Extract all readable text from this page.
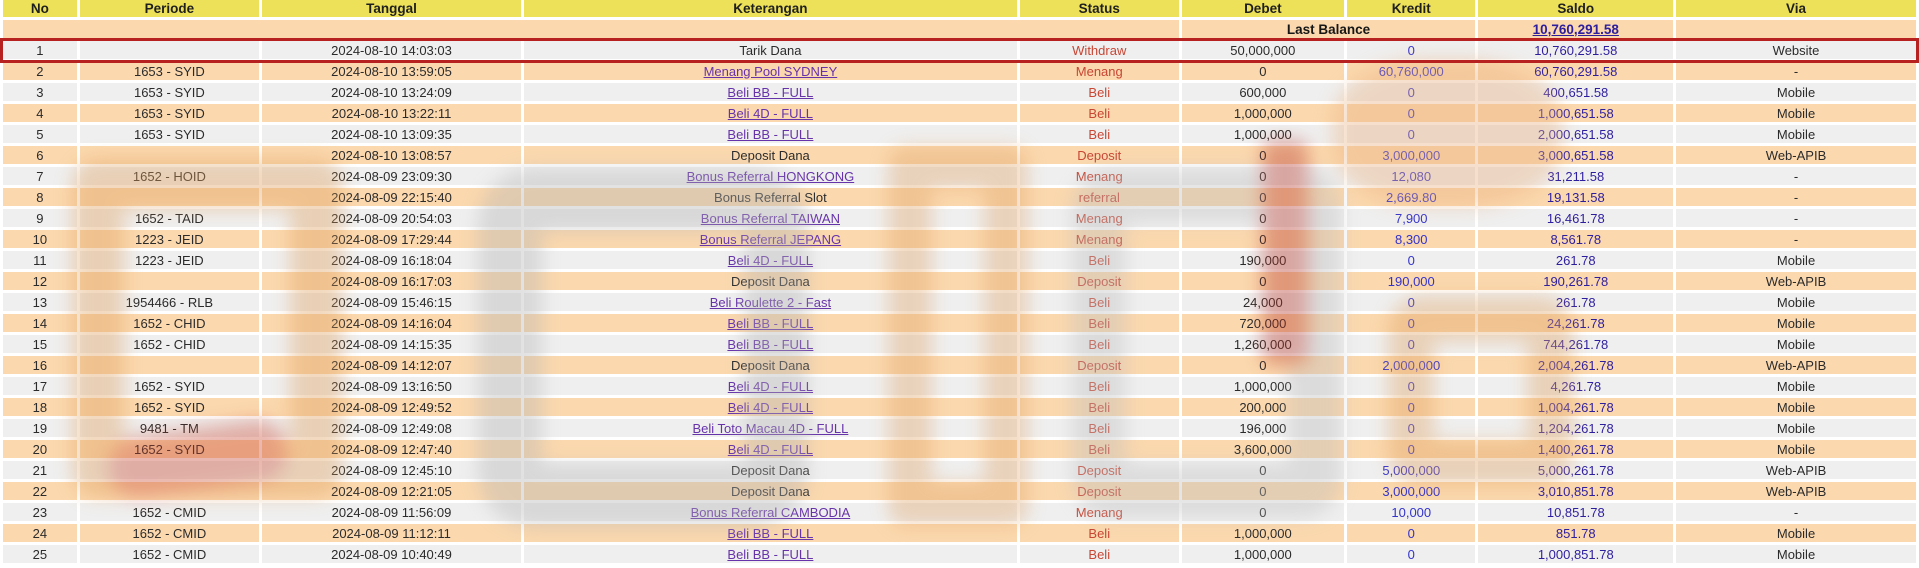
No	Periode	Tanggal	Keterangan	Status	Debet	Kredit	Saldo	Via
					Last Balance		10,760,291.58	
1		2024-08-10 14:03:03	Tarik Dana	Withdraw	50,000,000	0	10,760,291.58	Website
2	1653 - SYID	2024-08-10 13:59:05	Menang Pool SYDNEY	Menang	0	60,760,000	60,760,291.58	-
3	1653 - SYID	2024-08-10 13:24:09	Beli BB - FULL	Beli	600,000	0	400,651.58	Mobile
4	1653 - SYID	2024-08-10 13:22:11	Beli 4D - FULL	Beli	1,000,000	0	1,000,651.58	Mobile
5	1653 - SYID	2024-08-10 13:09:35	Beli BB - FULL	Beli	1,000,000	0	2,000,651.58	Mobile
6		2024-08-10 13:08:57	Deposit Dana	Deposit	0	3,000,000	3,000,651.58	Web-APIB
7	1652 - HOID	2024-08-09 23:09:30	Bonus Referral HONGKONG	Menang	0	12,080	31,211.58	-
8		2024-08-09 22:15:40	Bonus Referral Slot	referral	0	2,669.80	19,131.58	-
9	1652 - TAID	2024-08-09 20:54:03	Bonus Referral TAIWAN	Menang	0	7,900	16,461.78	-
10	1223 - JEID	2024-08-09 17:29:44	Bonus Referral JEPANG	Menang	0	8,300	8,561.78	-
11	1223 - JEID	2024-08-09 16:18:04	Beli 4D - FULL	Beli	190,000	0	261.78	Mobile
12		2024-08-09 16:17:03	Deposit Dana	Deposit	0	190,000	190,261.78	Web-APIB
13	1954466 - RLB	2024-08-09 15:46:15	Beli Roulette 2 - Fast	Beli	24,000	0	261.78	Mobile
14	1652 - CHID	2024-08-09 14:16:04	Beli BB - FULL	Beli	720,000	0	24,261.78	Mobile
15	1652 - CHID	2024-08-09 14:15:35	Beli BB - FULL	Beli	1,260,000	0	744,261.78	Mobile
16		2024-08-09 14:12:07	Deposit Dana	Deposit	0	2,000,000	2,004,261.78	Web-APIB
17	1652 - SYID	2024-08-09 13:16:50	Beli 4D - FULL	Beli	1,000,000	0	4,261.78	Mobile
18	1652 - SYID	2024-08-09 12:49:52	Beli 4D - FULL	Beli	200,000	0	1,004,261.78	Mobile
19	9481 - TM	2024-08-09 12:49:08	Beli Toto Macau 4D - FULL	Beli	196,000	0	1,204,261.78	Mobile
20	1652 - SYID	2024-08-09 12:47:40	Beli 4D - FULL	Beli	3,600,000	0	1,400,261.78	Mobile
21		2024-08-09 12:45:10	Deposit Dana	Deposit	0	5,000,000	5,000,261.78	Web-APIB
22		2024-08-09 12:21:05	Deposit Dana	Deposit	0	3,000,000	3,010,851.78	Web-APIB
23	1652 - CMID	2024-08-09 11:56:09	Bonus Referral CAMBODIA	Menang	0	10,000	10,851.78	-
24	1652 - CMID	2024-08-09 11:12:11	Beli BB - FULL	Beli	1,000,000	0	851.78	Mobile
25	1652 - CMID	2024-08-09 10:40:49	Beli BB - FULL	Beli	1,000,000	0	1,000,851.78	Mobile
